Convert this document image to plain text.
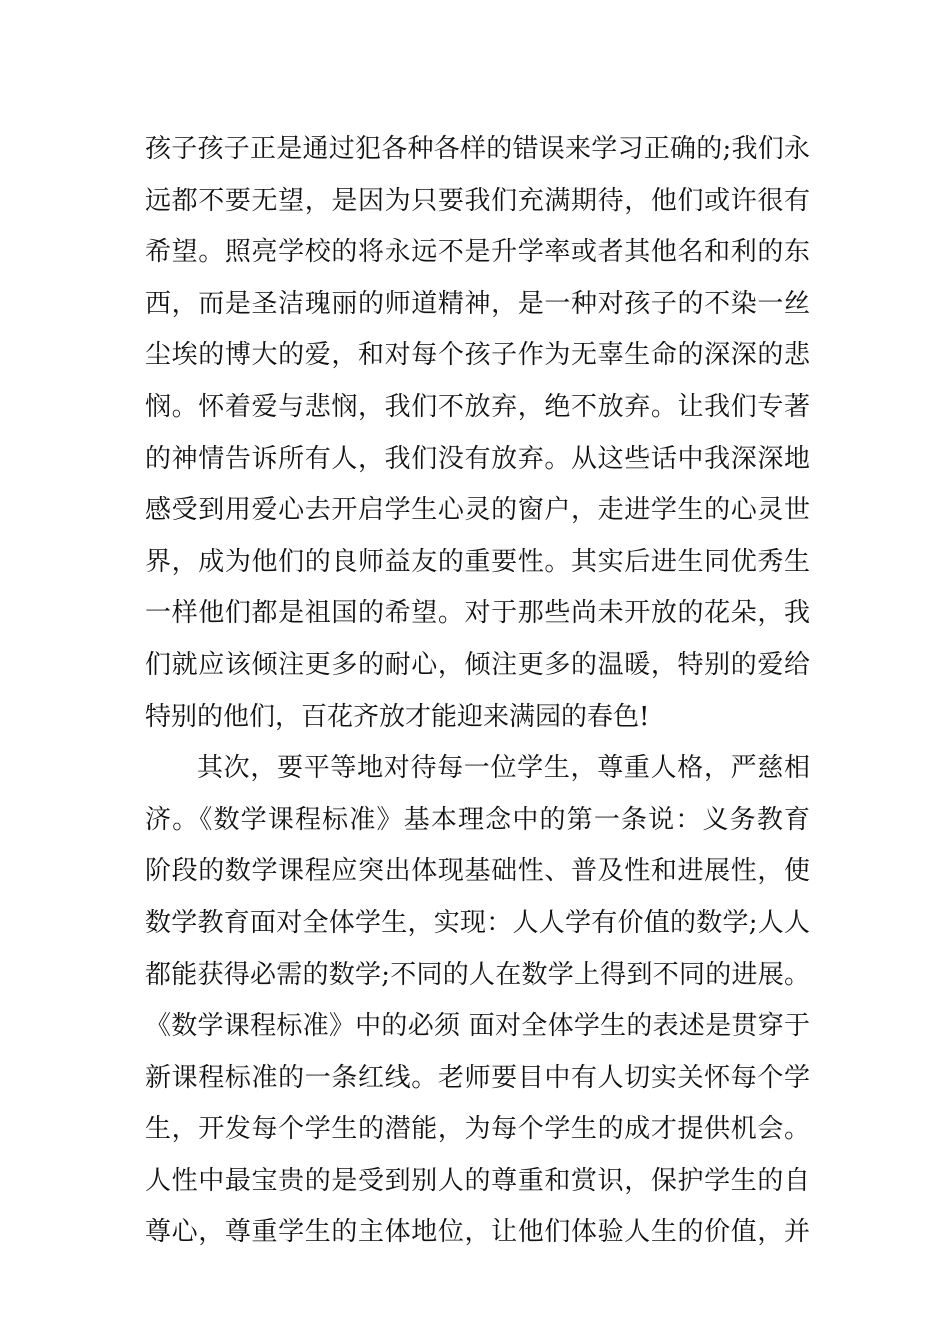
孩子孩子正是通过犯各种各样的错误来学习正确的;我们永
远都不要无望，是因为只要我们充满期待，他们或许很有
希望。照亮学校的将永远不是升学率或者其他名和利的东
西，而是圣洁瑰丽的师道精神，是一种对孩子的不染一丝
尘埃的博大的爱，和对每个孩子作为无辜生命的深深的悲
悯。怀着爱与悲悯，我们不放弃，绝不放弃。让我们专著
的神情告诉所有人，我们没有放弃。从这些话中我深深地
感受到用爱心去开启学生心灵的窗户，走进学生的心灵世
界，成为他们的良师益友的重要性。其实后进生同优秀生
一样他们都是祖国的希望。对于那些尚未开放的花朵，我
们就应该倾注更多的耐心，倾注更多的温暖，特别的爱给
特别的他们，百花齐放才能迎来满园的春色!
其次，要平等地对待每一位学生，尊重人格，严慈相
济。《数学课程标准》基本理念中的第一条说：义务教育
阶段的数学课程应突出体现基础性、普及性和进展性，使
数学教育面对全体学生，实现：人人学有价值的数学;人人
都能获得必需的数学;不同的人在数学上得到不同的进展。
《数学课程标准》中的必须 面对全体学生的表述是贯穿于
新课程标准的一条红线。老师要目中有人切实关怀每个学
生，开发每个学生的潜能，为每个学生的成才提供机会。
人性中最宝贵的是受到别人的尊重和赏识，保护学生的自
尊心，尊重学生的主体地位，让他们体验人生的价值，并
